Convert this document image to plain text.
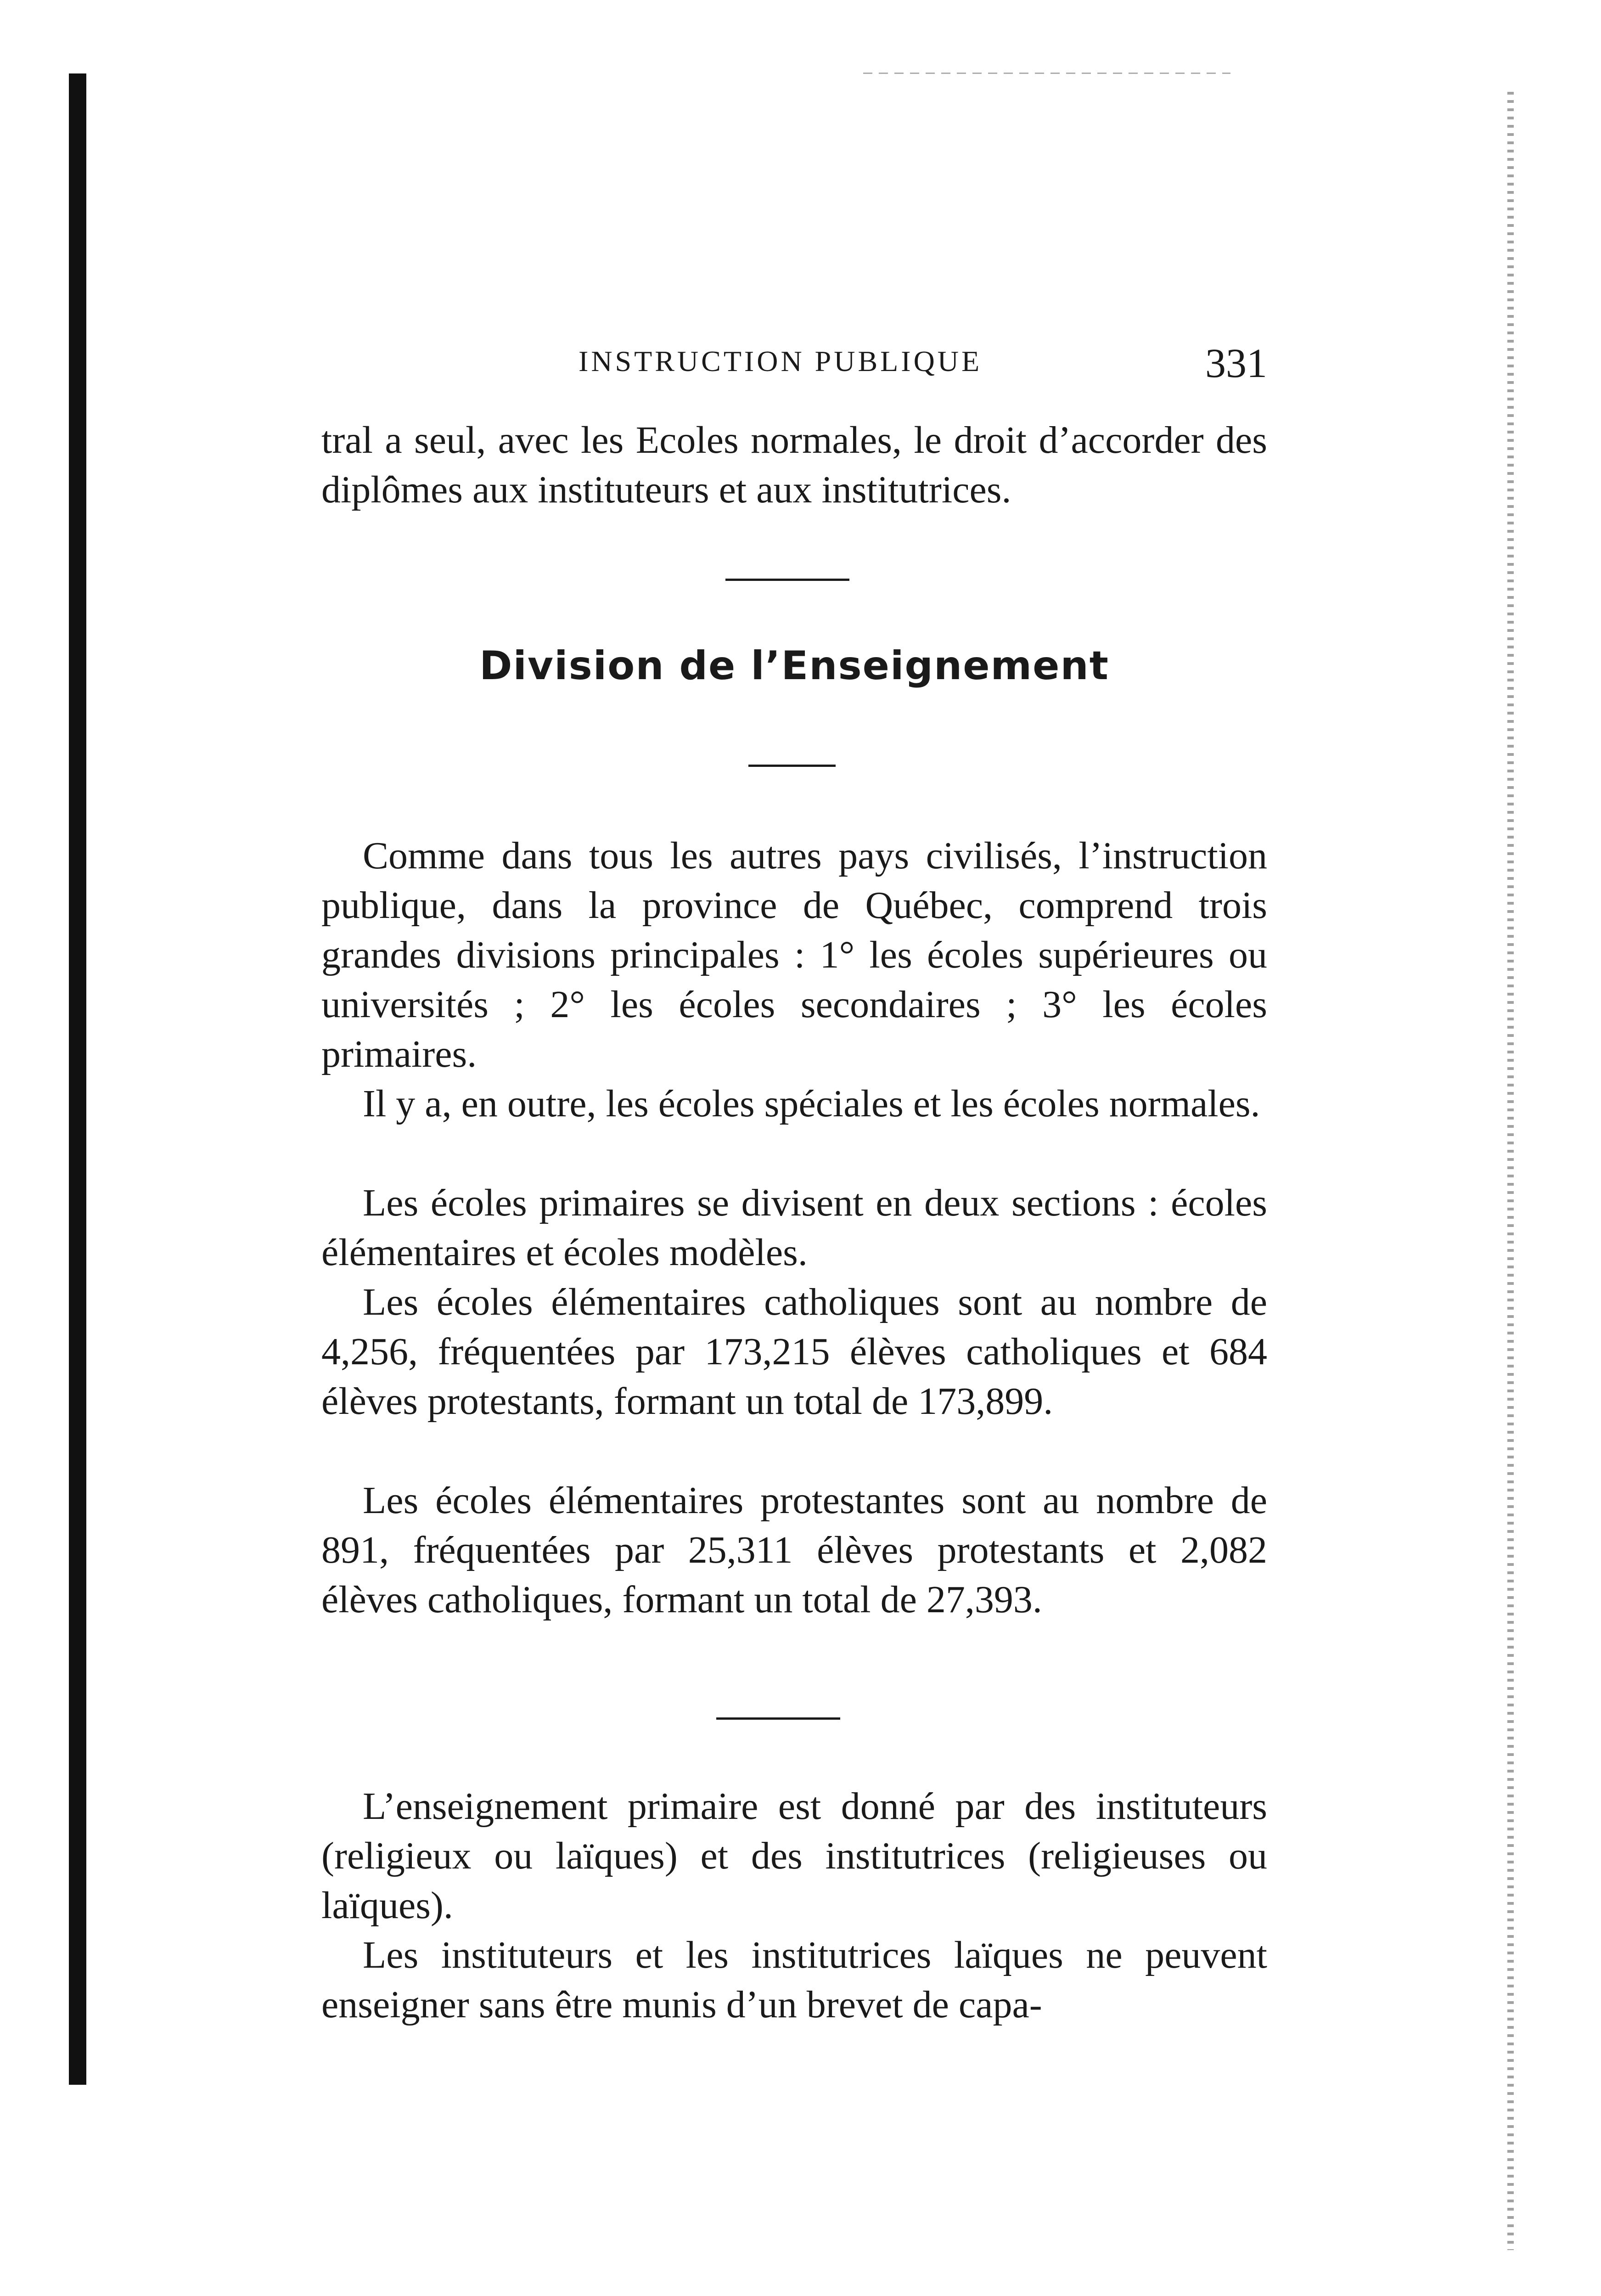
INSTRUCTION PUBLIQUE	331

tral a seul, avec les Ecoles normales, le droit d’accorder des diplômes aux instituteurs et aux institutrices.

Division de l’Enseignement

Comme dans tous les autres pays civilisés, l’instruction publique, dans la province de Québec, comprend trois grandes divisions principales : 1° les écoles supérieures ou universités ; 2° les écoles secondaires ; 3° les écoles primaires.

Il y a, en outre, les écoles spéciales et les écoles normales.

Les écoles primaires se divisent en deux sections : écoles élémentaires et écoles modèles.

Les écoles élémentaires catholiques sont au nombre de 4,256, fréquentées par 173,215 élèves catholiques et 684 élèves protestants, formant un total de 173,899.

Les écoles élémentaires protestantes sont au nombre de 891, fréquentées par 25,311 élèves protestants et 2,082 élèves catholiques, formant un total de 27,393.

L’enseignement primaire est donné par des instituteurs (religieux ou laïques) et des institutrices (religieuses ou laïques).

Les instituteurs et les institutrices laïques ne peuvent enseigner sans être munis d’un brevet de capa-
